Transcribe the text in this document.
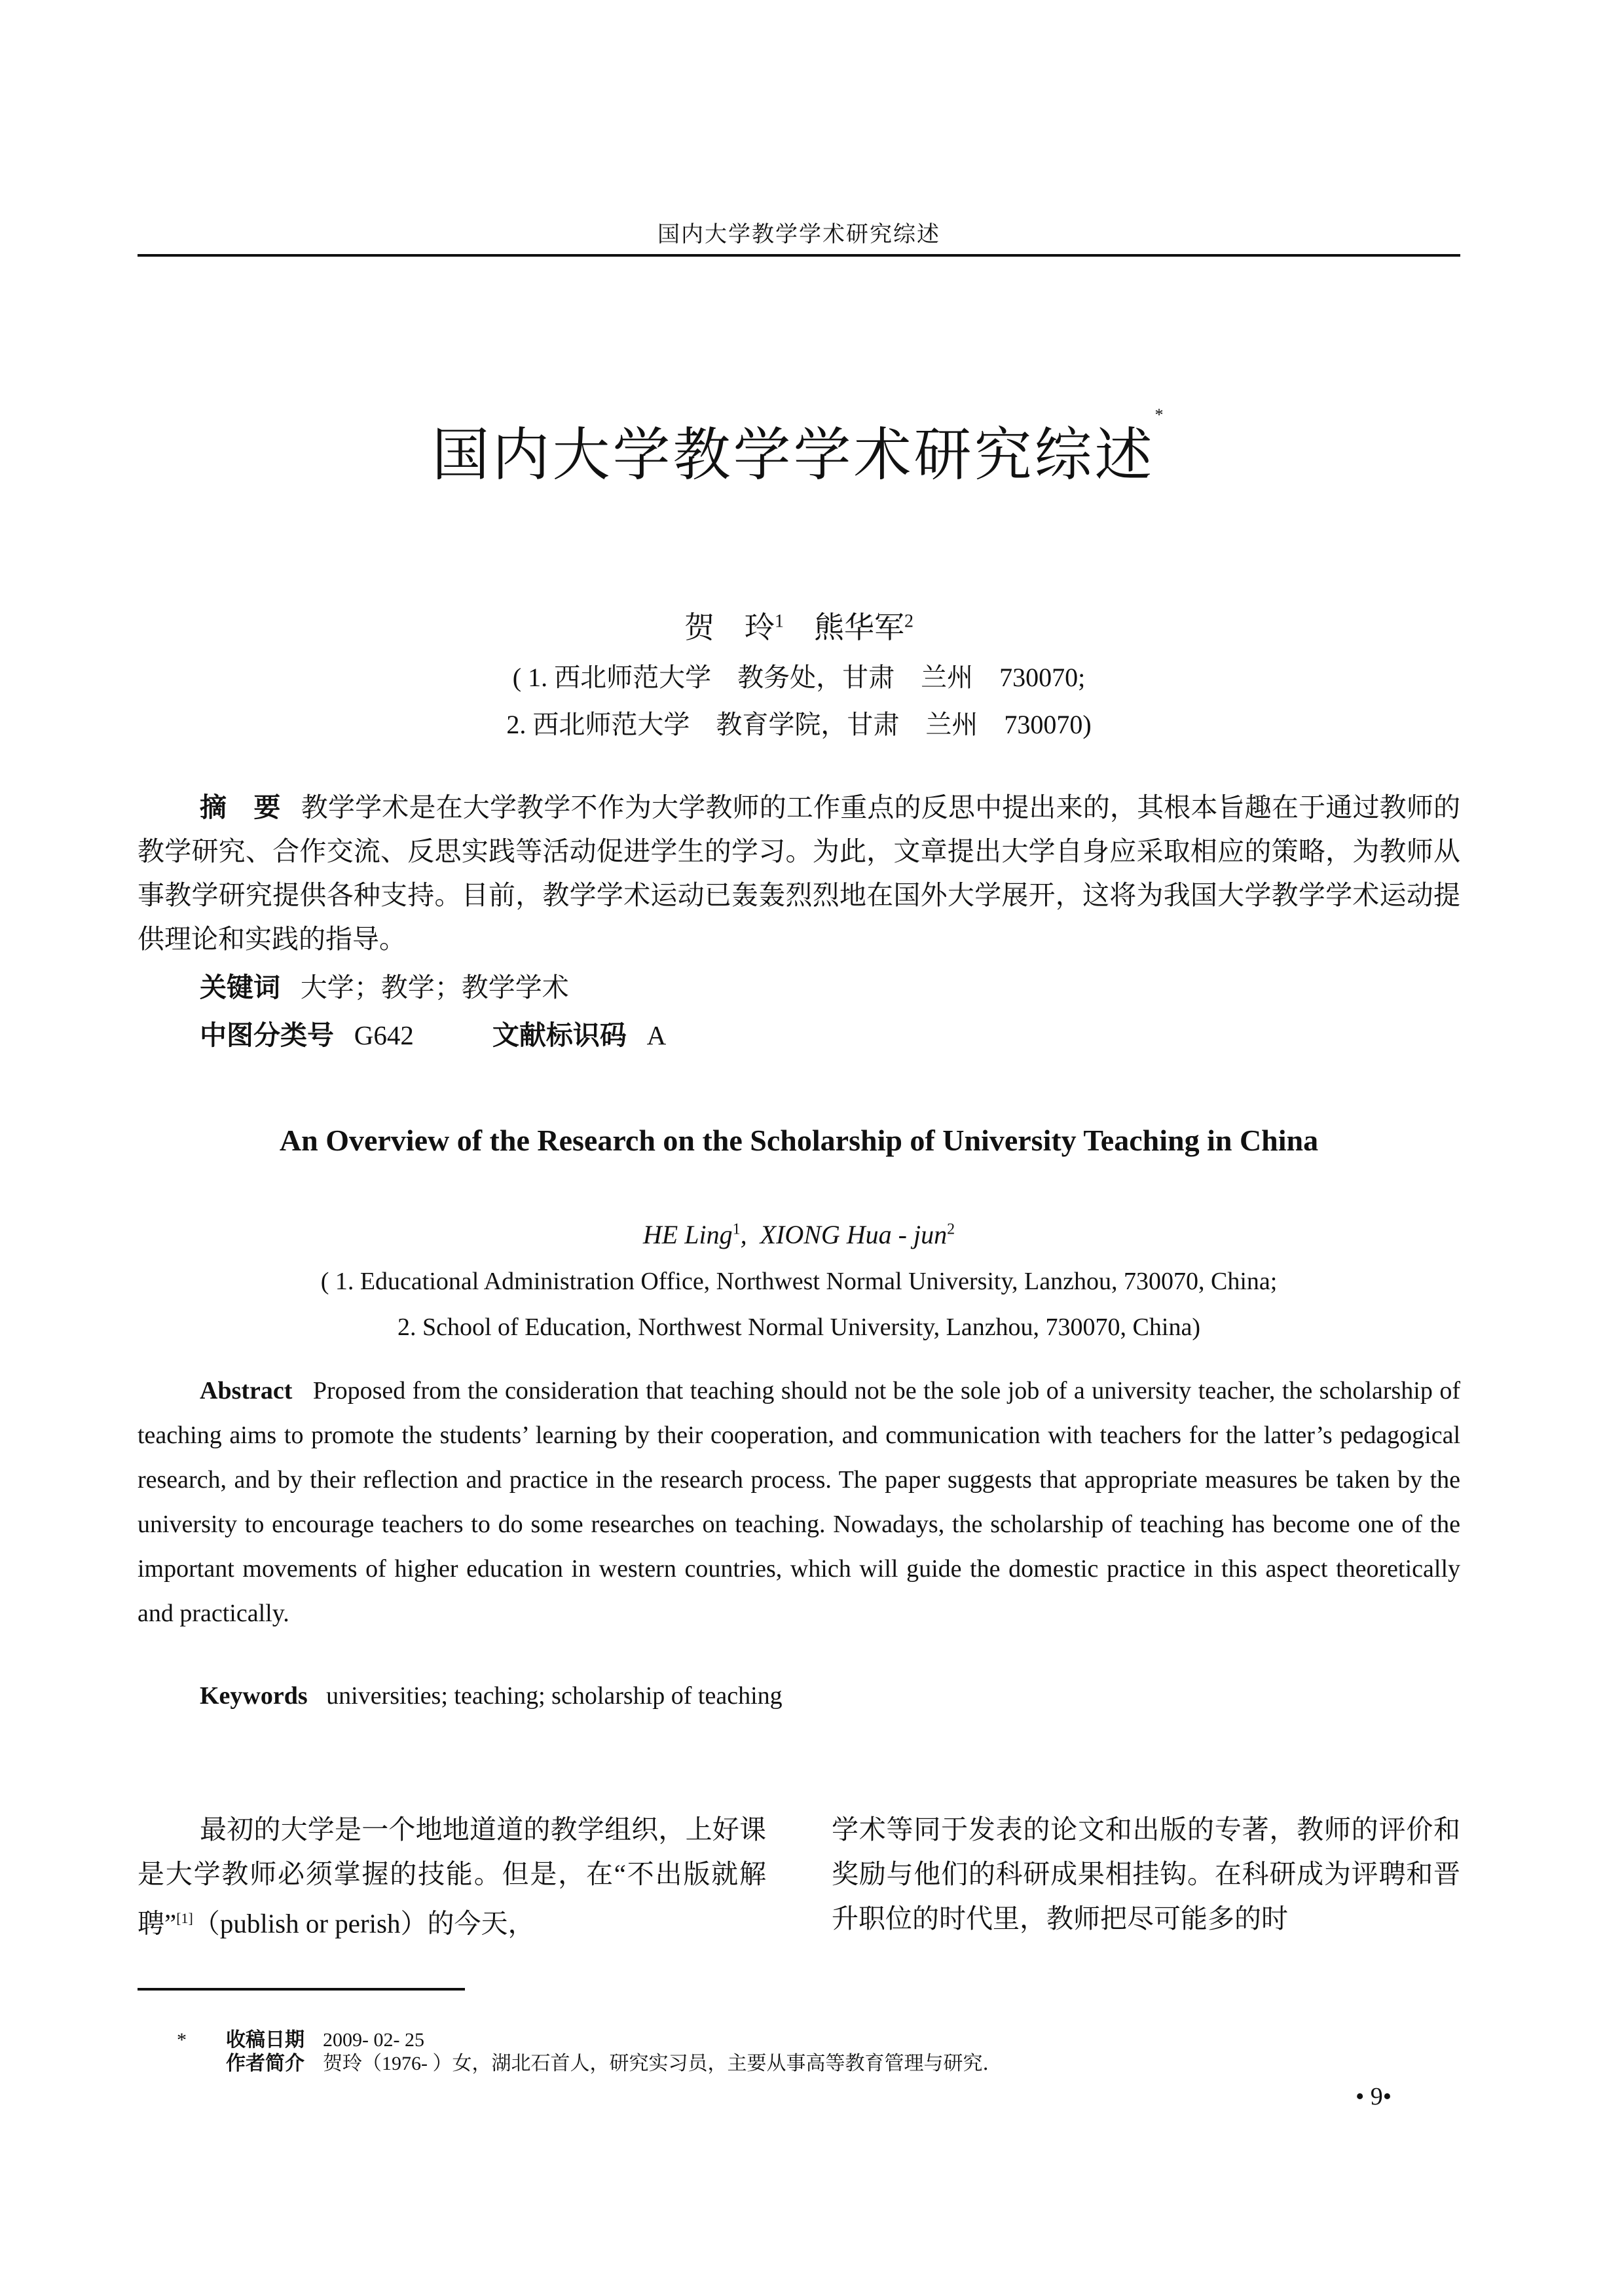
国内大学教学学术研究综述
国内大学教学学术研究综述*
贺　玲$^1$ 熊华军$^2$
( 1. 西北师范大学　教务处，甘肃　兰州　730070;
2. 西北师范大学　教育学院，甘肃　兰州　730070)
摘　要 教学学术是在大学教学不作为大学教师的工作重点的反思中提出来的，其根本旨趣在于通过教师的教学研究、合作交流、反思实践等活动促进学生的学习。为此，文章提出大学自身应采取相应的策略，为教师从事教学研究提供各种支持。目前，教学学术运动已轰轰烈烈地在国外大学展开，这将为我国大学教学学术运动提供理论和实践的指导。
关键词 大学；教学；教学学术
中图分类号 G642	文献标识码 A
An Overview of the Research on the Scholarship of University Teaching in China
HE Ling$^1$,  XIONG Hua - jun$^2$
( 1. Educational Administration Office, Northwest Normal University, Lanzhou, 730070, China;
2. School of Education, Northwest Normal University, Lanzhou, 730070, China)
Abstract Proposed from the consideration that teaching should not be the sole job of a university teacher, the scholarship of teaching aims to promote the students’ learning by their cooperation, and communication with teachers for the latter’s pedagogical research, and by their reflection and practice in the research process. The paper suggests that appropriate measures be taken by the university to encourage teachers to do some researches on teaching. Nowadays, the scholarship of teaching has become one of the important movements of higher education in western countries, which will guide the domestic practice in this aspect theoretically and practically.
Keywords universities; teaching; scholarship of teaching
最初的大学是一个地地道道的教学组织，上好课是大学教师必须掌握的技能。但是，在“不出版就解聘”[1]（publish or perish）的今天，
学术等同于发表的论文和出版的专著，教师的评价和奖励与他们的科研成果相挂钩。在科研成为评聘和晋升职位的时代里，教师把尽可能多的时
* 收稿日期 2009- 02- 25
作者简介 贺玲（1976- ）女，湖北石首人，研究实习员，主要从事高等教育管理与研究．
• 9•
